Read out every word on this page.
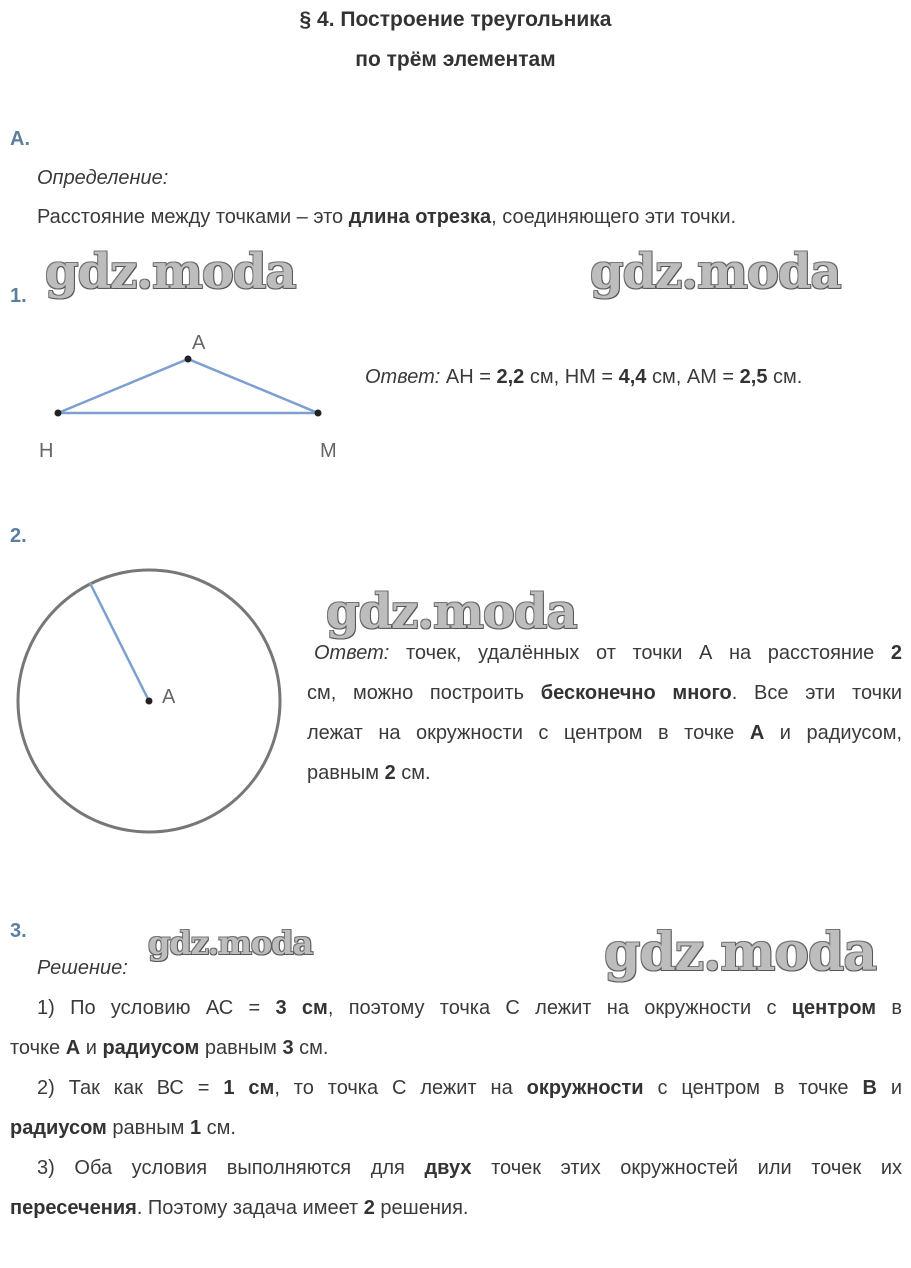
§ 4. Построение треугольника
по трём элементам
А.
Определение:
Расстояние между точками – это длина отрезка, соединяющего эти точки.
gdz.moda	gdz.moda
gdz.moda
gdz.moda	gdz.moda
1.
А
Н	М
Ответ: АН = 2,2 см, НМ = 4,4 см, АМ = 2,5 см.
2.
А
Ответ: точек, удалённых от точки А на расстояние 2
см, можно построить бесконечно много. Все эти точки
лежат на окружности с центром в точке А и радиусом,
равным 2 см.
3.
Решение:
1) По условию АС = 3 см, поэтому точка С лежит на окружности с центром в
точке А и радиусом равным 3 см.
2) Так как ВС = 1 см, то точка С лежит на окружности с центром в точке В и
радиусом равным 1 см.
3) Оба условия выполняются для двух точек этих окружностей или точек их
пересечения. Поэтому задача имеет 2 решения.
